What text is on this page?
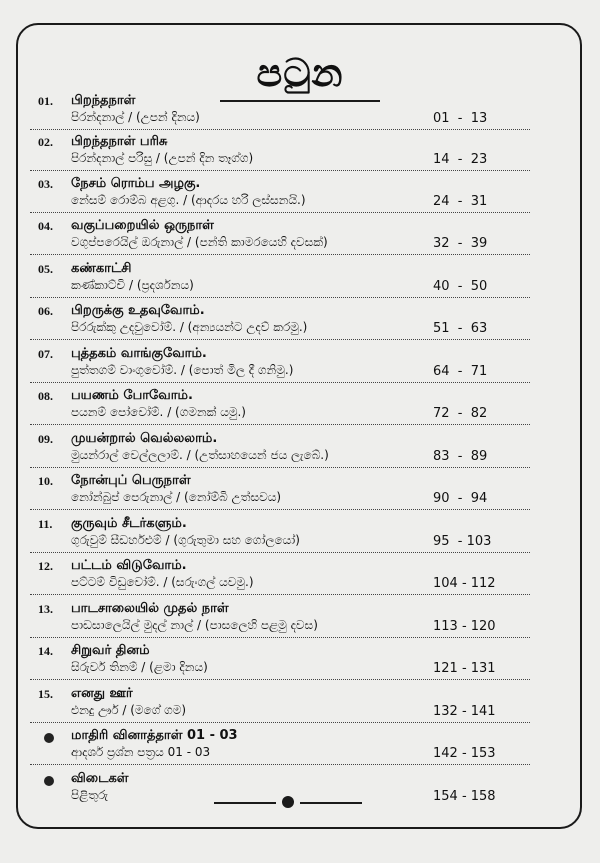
පටුන
01. பிறந்தநாள்
පිරන්දනාල් / (උපන් දිනය)	01  -  13
02. பிறந்தநாள் பரிசு
පිරන්දනාල් පරිසු / (උපන් දින තෑග්ග)	14  -  23
03. நேசம் ரொம்ப அழகு.
නේසම් රොම්බ අළගු. / (ආදරය හරි ලස්සනයි.)	24  -  31
04. வகுப்பறையில் ஒருநாள்
වගුප්පරෙයිල් ඔරුනාල් / (පන්ති කාමරයෙහි දවසක්)	32  -  39
05. கண்காட்சி
කණ්කාට්චි / (ප්‍රදර්ශනය)	40  -  50
06. பிறருக்கு உதவுவோம்.
පිරරුක්කු උදවුවෝම්. / (අන්‍යයන්ට උදව් කරමු.)	51  -  63
07. புத்தகம் வாங்குவோம்.
පුත්තගම් වාංගුවෝම්. / (පොත් මිල දී ගනිමු.)	64  -  71
08. பயணம் போவோம்.
පයනම් පෝවෝම්. / (ගමනක් යමු.)	72  -  82
09. முயன்றால் வெல்லலாம்.
මුයන්රාල් වෙල්ලලාම්. / (උත්සාහයෙන් ජය ලැබේ.)	83  -  89
10. நோன்புப் பெருநாள்
නෝන්බුප් පෙරුනාල් / (නෝම්බි උත්සවය)	90  -  94
11. குருவும் சீடர்களும்.
ගුරුවුම් සීඩර්හළුම් / (ගුරුතුමා සහ ගෝලයෝ)	95  - 103
12. பட்டம் விடுவோம்.
පට්ටම් විඩුවෝම්. / (සරුංගල් යවමු.)	104 - 112
13. பாடசாலையில் முதல் நாள்
පාඩසාලෙයිල් මුදල් නාල් / (පාසලෙහි පළමු දවස)	113 - 120
14. சிறுவர் தினம்
සිරුවර් තිනම් / (ළමා දිනය)	121 - 131
15. எனது ஊர்
එනදු ඌර් / (මගේ ගම)	132 - 141
மாதிரி வினாத்தாள் 01 - 03
ආදර්ශ ප්‍රශ්න පත්‍රය 01 - 03	142 - 153
விடைகள்
පිළිතුරු	154 - 158
